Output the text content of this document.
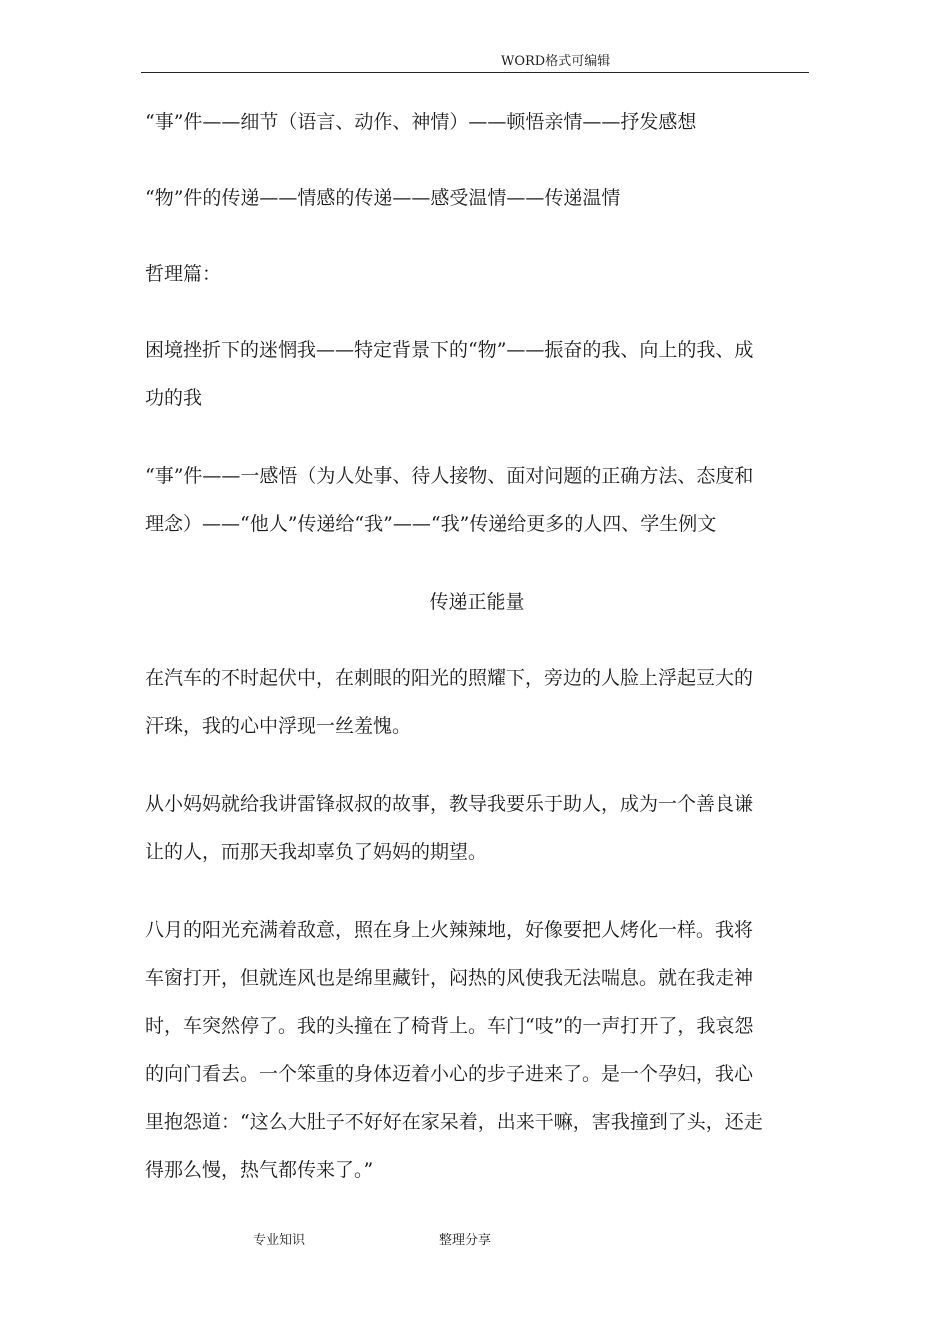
WORD格式可编辑

“事”件——细节（语言、动作、神情）——顿悟亲情——抒发感想

“物”件的传递——情感的传递——感受温情——传递温情

哲理篇：

困境挫折下的迷惘我——特定背景下的“物”——振奋的我、向上的我、成
功的我

“事”件——一感悟（为人处事、待人接物、面对问题的正确方法、态度和
理念）——“他人”传递给“我”——“我”传递给更多的人四、学生例文

传递正能量

在汽车的不时起伏中，在刺眼的阳光的照耀下，旁边的人脸上浮起豆大的
汗珠，我的心中浮现一丝羞愧。

从小妈妈就给我讲雷锋叔叔的故事，教导我要乐于助人，成为一个善良谦
让的人，而那天我却辜负了妈妈的期望。

八月的阳光充满着敌意，照在身上火辣辣地，好像要把人烤化一样。我将
车窗打开，但就连风也是绵里藏针，闷热的风使我无法喘息。就在我走神
时，车突然停了。我的头撞在了椅背上。车门“吱”的一声打开了，我哀怨
的向门看去。一个笨重的身体迈着小心的步子进来了。是一个孕妇，我心
里抱怨道：“这么大肚子不好好在家呆着，出来干嘛，害我撞到了头，还走
得那么慢，热气都传来了。”

专业知识	整理分享
